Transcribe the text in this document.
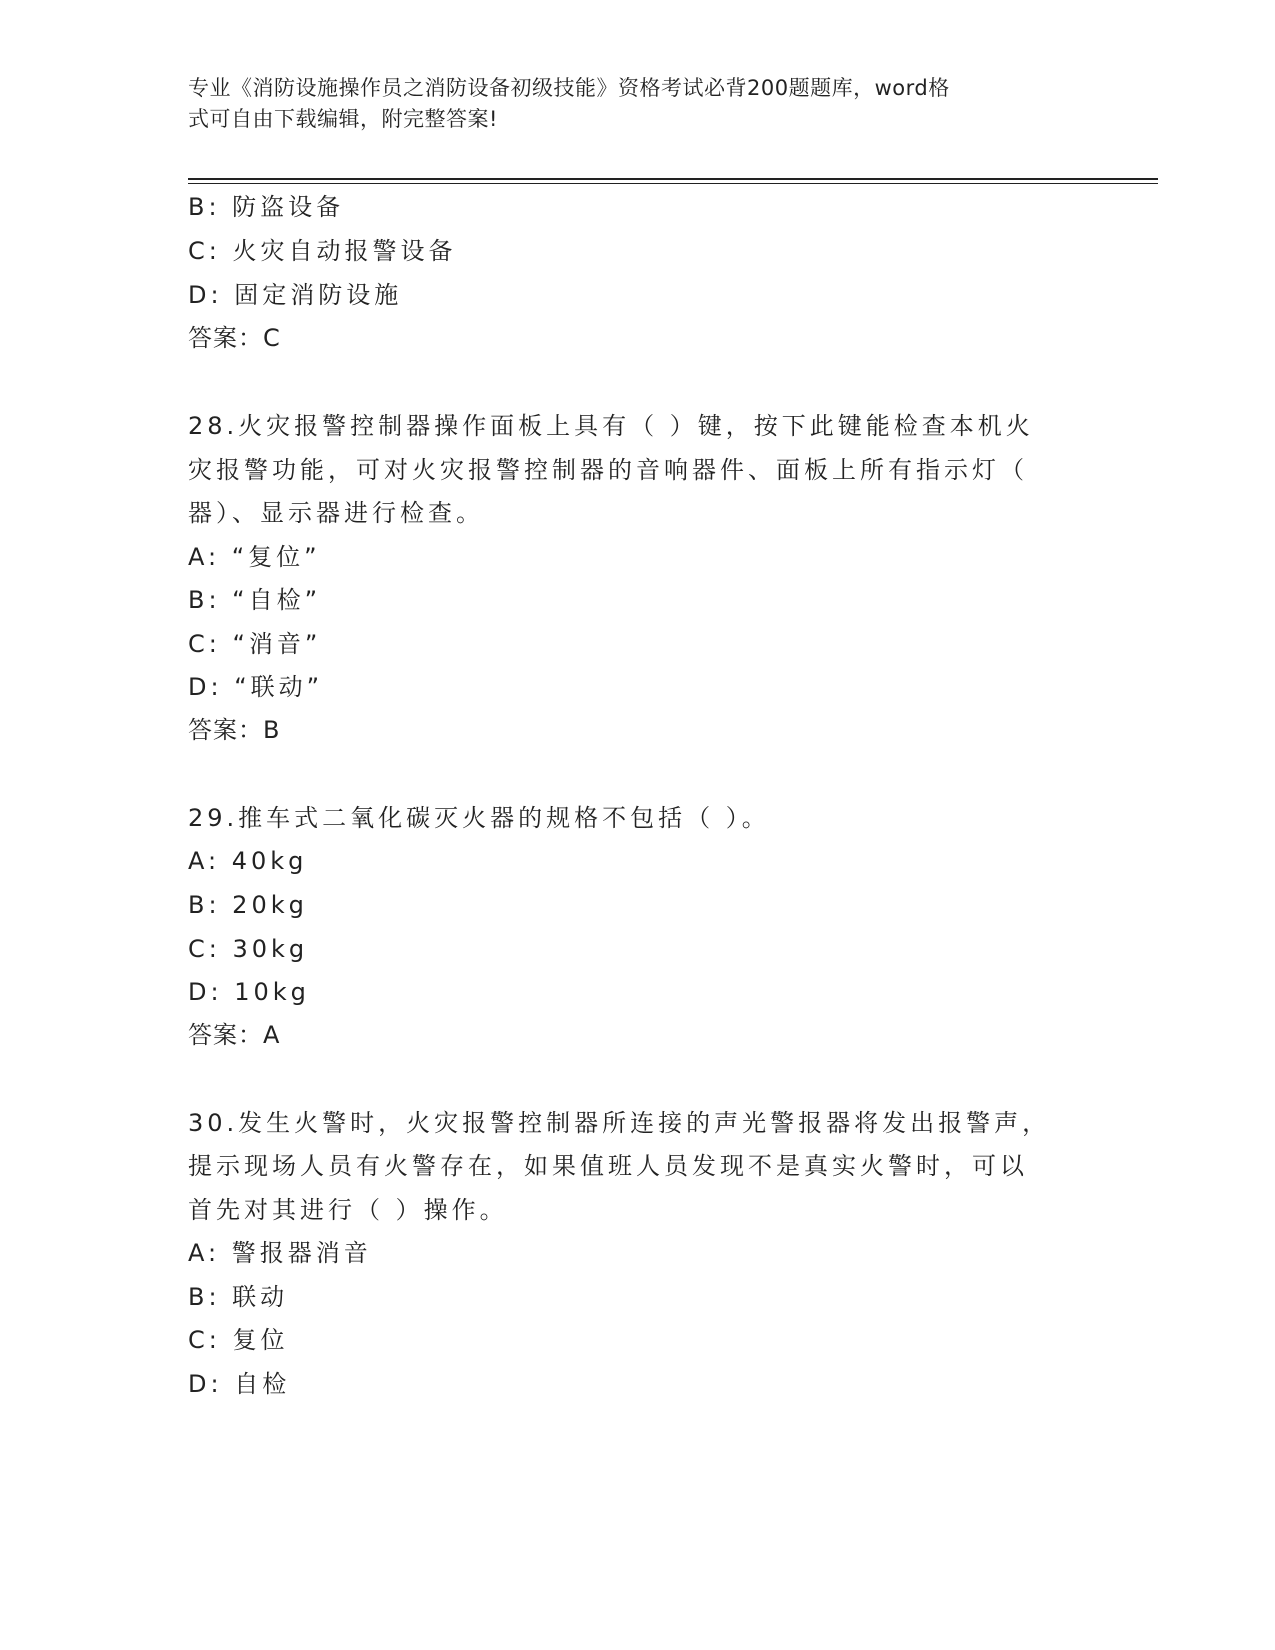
专业《消防设施操作员之消防设备初级技能》资格考试必背200题题库，word格
式可自由下载编辑，附完整答案!
B: 防盗设备
C: 火灾自动报警设备
D: 固定消防设施
答案：C
28.火灾报警控制器操作面板上具有（ ）键，按下此键能检查本机火
灾报警功能，可对火灾报警控制器的音响器件、面板上所有指示灯（
器）、显示器进行检查。
A: “复位”
B: “自检”
C: “消音”
D: “联动”
答案：B
29.推车式二氧化碳灭火器的规格不包括（ ）。
A: 40kg
B: 20kg
C: 30kg
D: 10kg
答案：A
30.发生火警时，火灾报警控制器所连接的声光警报器将发出报警声，
提示现场人员有火警存在，如果值班人员发现不是真实火警时，可以
首先对其进行（ ）操作。
A: 警报器消音
B: 联动
C: 复位
D: 自检
